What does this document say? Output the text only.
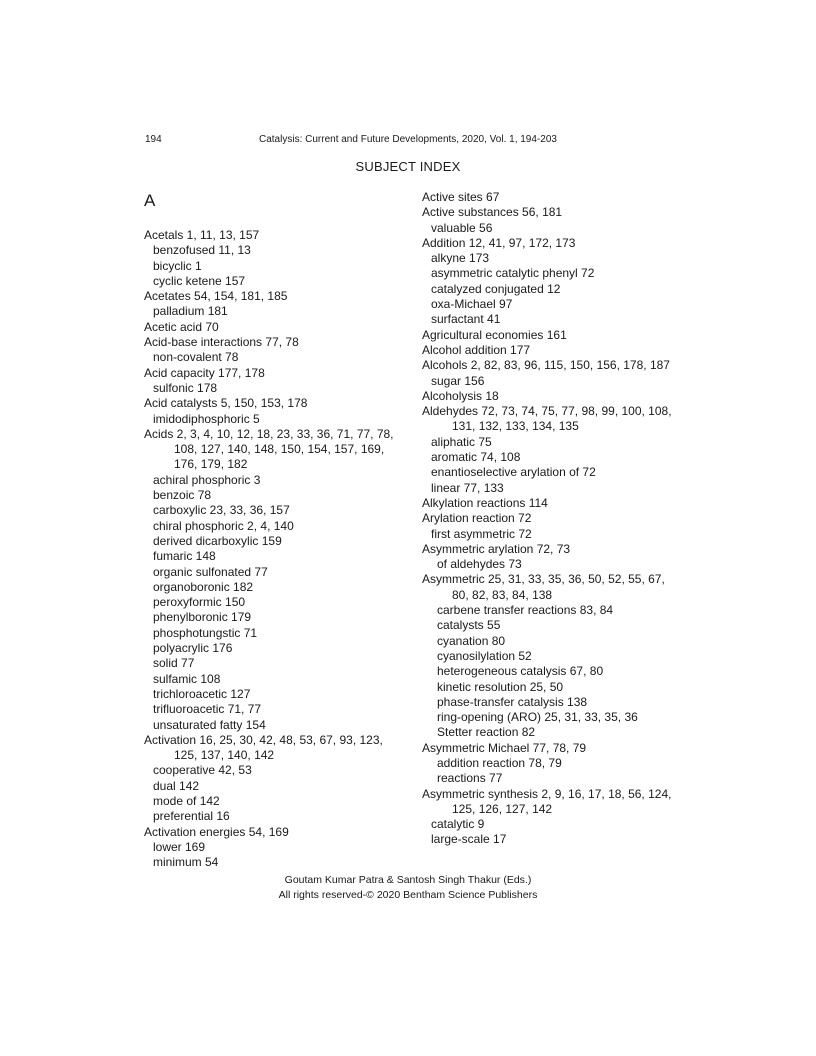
194	Catalysis: Current and Future Developments, 2020, Vol. 1, 194-203
SUBJECT INDEX
A

Acetals 1, 11, 13, 157

benzofused 11, 13

bicyclic 1

cyclic ketene 157

Acetates 54, 154, 181, 185

palladium 181

Acetic acid 70

Acid-base interactions 77, 78

non-covalent 78

Acid capacity 177, 178

sulfonic 178

Acid catalysts 5, 150, 153, 178

imidodiphosphoric 5

Acids 2, 3, 4, 10, 12, 18, 23, 33, 36, 71, 77, 78, 108, 127, 140, 148, 150, 154, 157, 169, 176, 179, 182

achiral phosphoric 3

benzoic 78

carboxylic 23, 33, 36, 157

chiral phosphoric 2, 4, 140

derived dicarboxylic 159

fumaric 148

organic sulfonated 77

organoboronic 182

peroxyformic 150

phenylboronic 179

phosphotungstic 71

polyacrylic 176

solid 77

sulfamic 108

trichloroacetic 127

trifluoroacetic 71, 77

unsaturated fatty 154

Activation 16, 25, 30, 42, 48, 53, 67, 93, 123, 125, 137, 140, 142

cooperative 42, 53

dual 142

mode of 142

preferential 16

Activation energies 54, 169

lower 169

minimum 54

Active sites 67

Active substances 56, 181

valuable 56

Addition 12, 41, 97, 172, 173

alkyne 173

asymmetric catalytic phenyl 72

catalyzed conjugated 12

oxa-Michael 97

surfactant 41

Agricultural economies 161

Alcohol addition 177

Alcohols 2, 82, 83, 96, 115, 150, 156, 178, 187

sugar 156

Alcoholysis 18

Aldehydes 72, 73, 74, 75, 77, 98, 99, 100, 108, 131, 132, 133, 134, 135

aliphatic 75

aromatic 74, 108

enantioselective arylation of 72

linear 77, 133

Alkylation reactions 114

Arylation reaction 72

first asymmetric 72

Asymmetric arylation 72, 73

of aldehydes 73

Asymmetric 25, 31, 33, 35, 36, 50, 52, 55, 67, 80, 82, 83, 84, 138

carbene transfer reactions 83, 84

catalysts 55

cyanation 80

cyanosilylation 52

heterogeneous catalysis 67, 80

kinetic resolution 25, 50

phase-transfer catalysis 138

ring-opening (ARO) 25, 31, 33, 35, 36

Stetter reaction 82

Asymmetric Michael 77, 78, 79

addition reaction 78, 79

reactions 77

Asymmetric synthesis 2, 9, 16, 17, 18, 56, 124, 125, 126, 127, 142

catalytic 9

large-scale 17

Goutam Kumar Patra & Santosh Singh Thakur (Eds.)
All rights reserved-© 2020 Bentham Science Publishers
